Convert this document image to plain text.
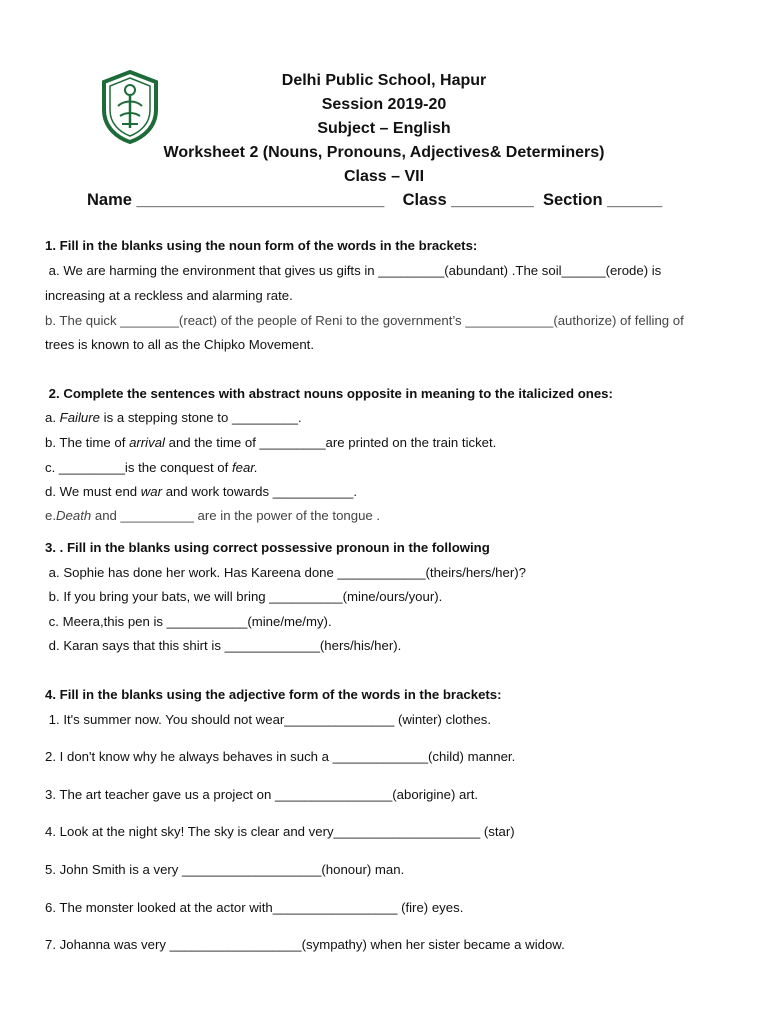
Delhi Public School, Hapur
Session 2019-20
Subject – English
Worksheet 2 (Nouns, Pronouns, Adjectives& Determiners)
Class – VII
Name ___________________________    Class _________  Section ______
1. Fill in the blanks using the noun form of the words in the brackets:
a. We are harming the environment that gives us gifts in _________(abundant) .The soil______(erode) is
increasing at a reckless and alarming rate.
b. The quick ________(react) of the people of Reni to the government’s ____________(authorize) of felling of
trees is known to all as the Chipko Movement.
2. Complete the sentences with abstract nouns opposite in meaning to the italicized ones:
a. Failure is a stepping stone to _________.
b. The time of arrival and the time of _________are printed on the train ticket.
c. _________is the conquest of fear.
d. We must end war and work towards ___________.
e.Death and __________ are in the power of the tongue .
3. . Fill in the blanks using correct possessive pronoun in the following
a. Sophie has done her work. Has Kareena done ____________(theirs/hers/her)?
b. If you bring your bats, we will bring __________(mine/ours/your).
c. Meera,this pen is ___________(mine/me/my).
d. Karan says that this shirt is _____________(hers/his/her).
4. Fill in the blanks using the adjective form of the words in the brackets:
1. It's summer now. You should not wear_______________ (winter) clothes.
2. I don't know why he always behaves in such a _____________(child) manner.
3. The art teacher gave us a project on ________________(aborigine) art.
4. Look at the night sky! The sky is clear and very____________________ (star)
5. John Smith is a very ___________________(honour) man.
6. The monster looked at the actor with_________________ (fire) eyes.
7. Johanna was very __________________(sympathy) when her sister became a widow.
